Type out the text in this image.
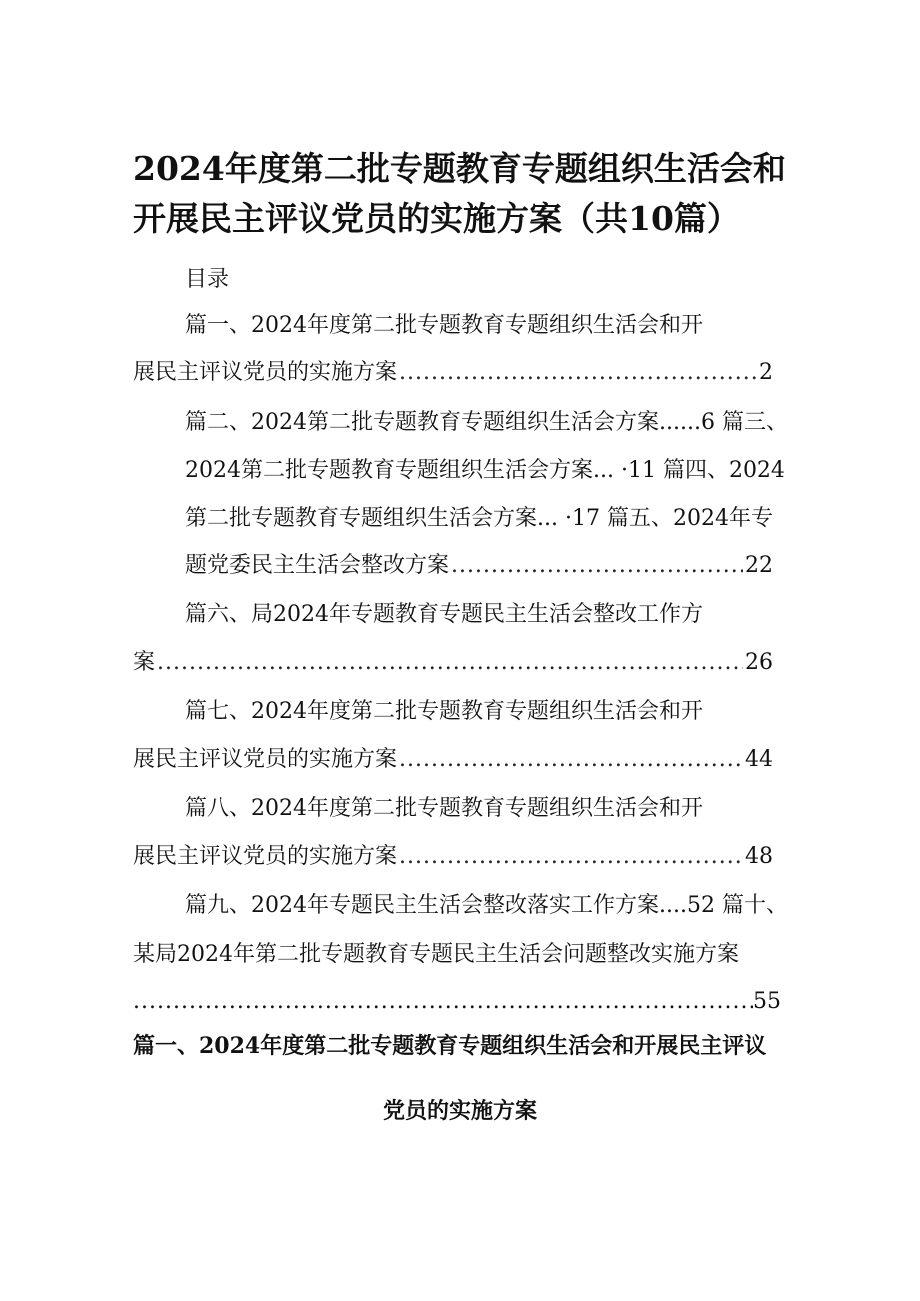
2024年度第二批专题教育专题组织生活会和
开展民主评议党员的实施方案（共10篇）
目录
篇一、2024年度第二批专题教育专题组织生活会和开
展民主评议党员的实施方案 .....	2
篇二、2024第二批专题教育专题组织生活会方案......6 篇三、
2024第二批专题教育专题组织生活会方案... ·11 篇四、2024
第二批专题教育专题组织生活会方案... ·17 篇五、2024年专
题党委民主生活会整改方案 .....	22
篇六、局2024年专题教育专题民主生活会整改工作方
案 .....	26
篇七、2024年度第二批专题教育专题组织生活会和开
展民主评议党员的实施方案 .....	44
篇八、2024年度第二批专题教育专题组织生活会和开
展民主评议党员的实施方案 .....	48
篇九、2024年专题民主生活会整改落实工作方案....52 篇十、
某局2024年第二批专题教育专题民主生活会问题整改实施方案
.....
55
篇一、2024年度第二批专题教育专题组织生活会和开展民主评议
党员的实施方案
